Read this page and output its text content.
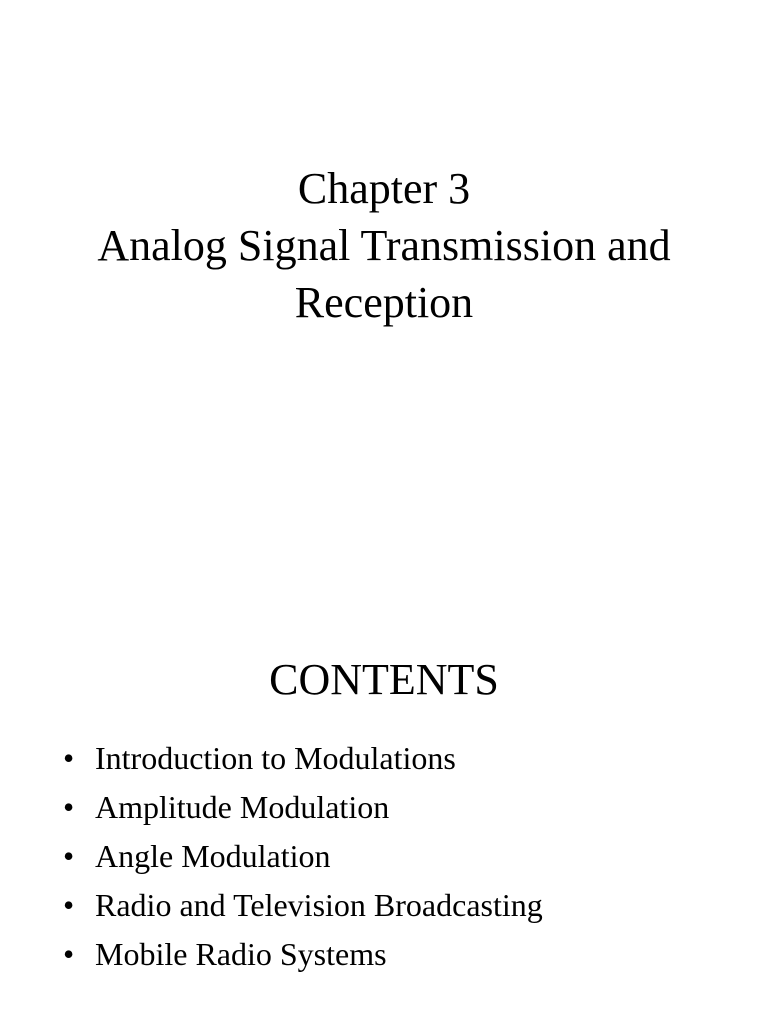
Chapter 3
Analog Signal Transmission and
Reception
CONTENTS
• Introduction to Modulations
• Amplitude Modulation
• Angle Modulation
• Radio and Television Broadcasting
• Mobile Radio Systems
